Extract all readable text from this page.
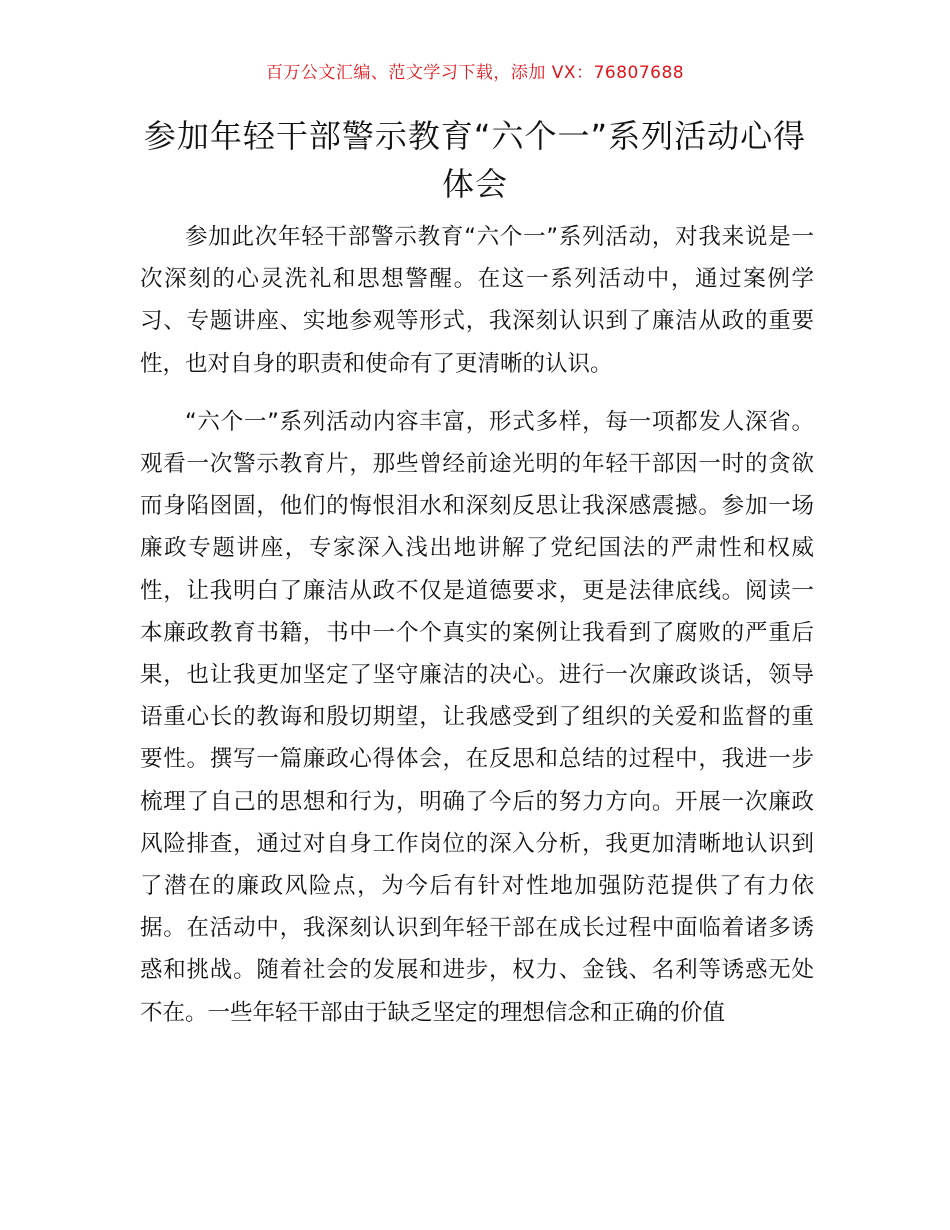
百万公文汇编、范文学习下载，添加 VX：76807688
参加年轻干部警示教育“六个一”系列活动心得体会

参加此次年轻干部警示教育“六个一”系列活动，对我来说是一次深刻的心灵洗礼和思想警醒。在这一系列活动中，通过案例学习、专题讲座、实地参观等形式，我深刻认识到了廉洁从政的重要性，也对自身的职责和使命有了更清晰的认识。

“六个一”系列活动内容丰富，形式多样，每一项都发人深省。观看一次警示教育片，那些曾经前途光明的年轻干部因一时的贪欲而身陷囹圄，他们的悔恨泪水和深刻反思让我深感震撼。参加一场廉政专题讲座，专家深入浅出地讲解了党纪国法的严肃性和权威性，让我明白了廉洁从政不仅是道德要求，更是法律底线。阅读一本廉政教育书籍，书中一个个真实的案例让我看到了腐败的严重后果，也让我更加坚定了坚守廉洁的决心。进行一次廉政谈话，领导语重心长的教诲和殷切期望，让我感受到了组织的关爱和监督的重要性。撰写一篇廉政心得体会，在反思和总结的过程中，我进一步梳理了自己的思想和行为，明确了今后的努力方向。开展一次廉政风险排查，通过对自身工作岗位的深入分析，我更加清晰地认识到了潜在的廉政风险点，为今后有针对性地加强防范提供了有力依据。在活动中，我深刻认识到年轻干部在成长过程中面临着诸多诱惑和挑战。随着社会的发展和进步，权力、金钱、名利等诱惑无处不在。一些年轻干部由于缺乏坚定的理想信念和正确的价值
